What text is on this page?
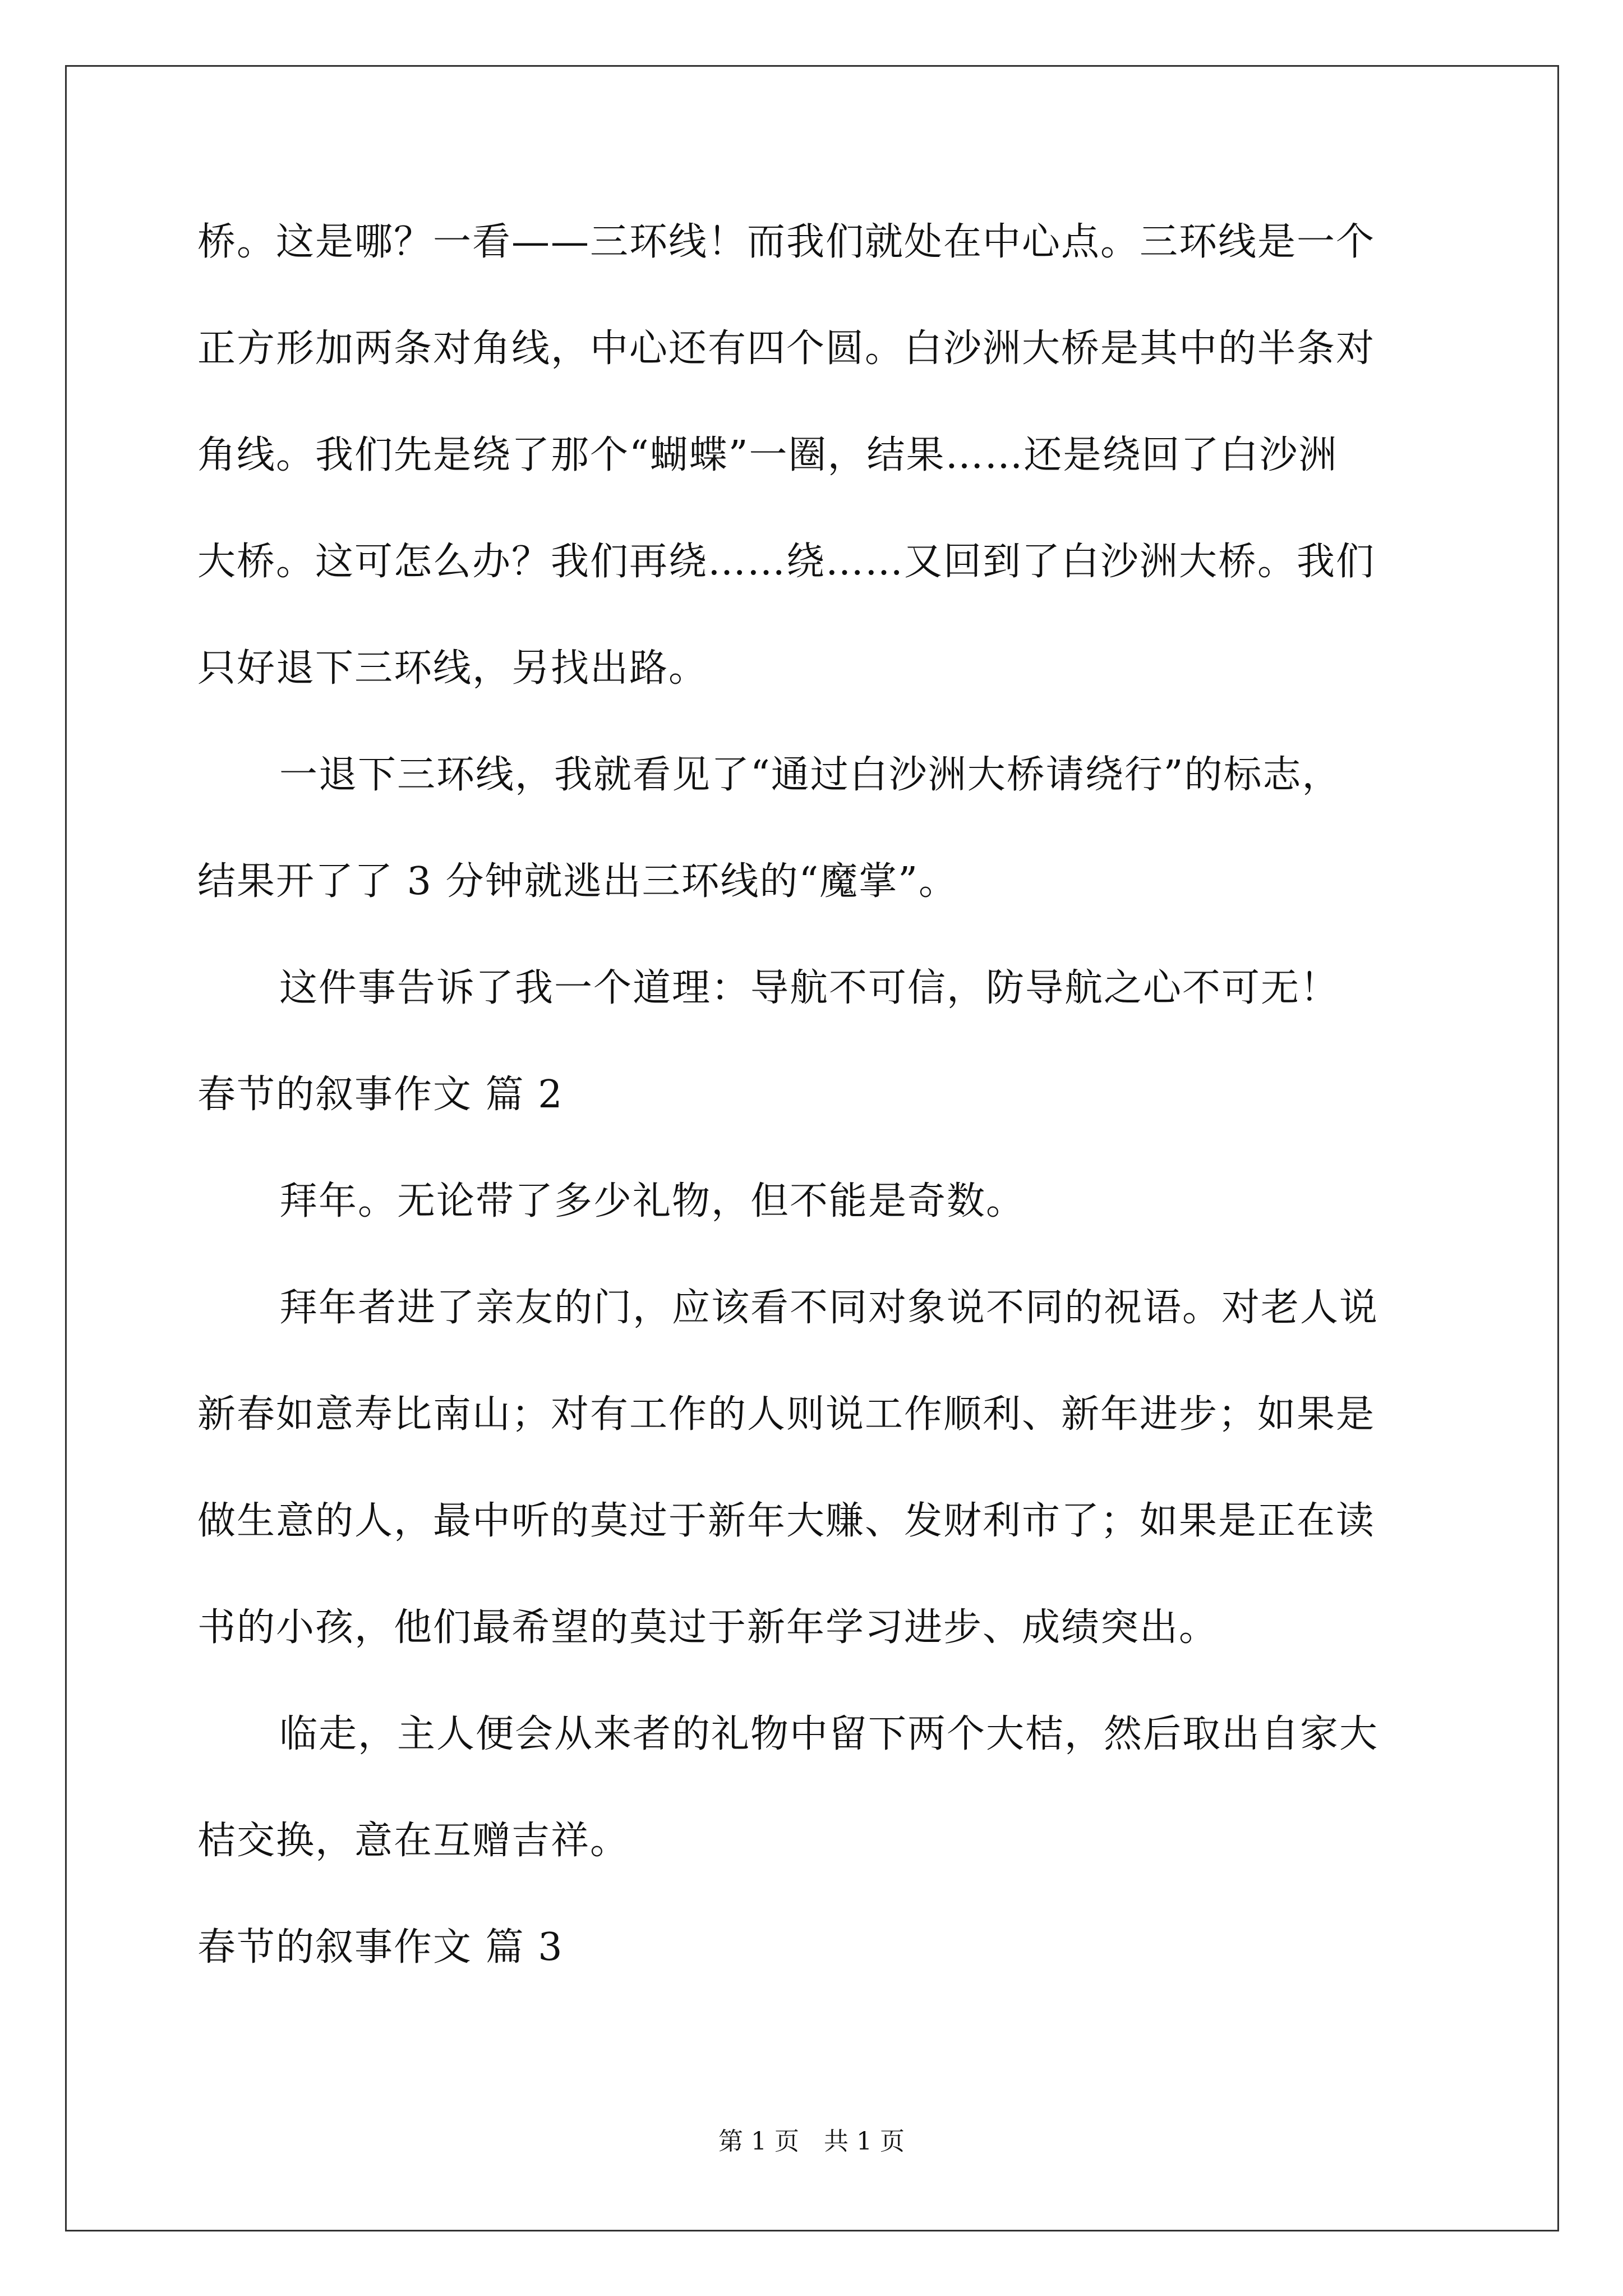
桥。这是哪？一看——三环线！而我们就处在中心点。三环线是一个
正方形加两条对角线，中心还有四个圆。白沙洲大桥是其中的半条对
角线。我们先是绕了那个“蝴蝶”一圈，结果……还是绕回了白沙洲
大桥。这可怎么办？我们再绕……绕……又回到了白沙洲大桥。我们
只好退下三环线，另找出路。
一退下三环线，我就看见了“通过白沙洲大桥请绕行”的标志，
结果开了了 3 分钟就逃出三环线的“魔掌”。
这件事告诉了我一个道理：导航不可信，防导航之心不可无！
春节的叙事作文 篇 2
拜年。无论带了多少礼物，但不能是奇数。
拜年者进了亲友的门，应该看不同对象说不同的祝语。对老人说
新春如意寿比南山；对有工作的人则说工作顺利、新年进步；如果是
做生意的人，最中听的莫过于新年大赚、发财利市了；如果是正在读
书的小孩，他们最希望的莫过于新年学习进步、成绩突出。
临走，主人便会从来者的礼物中留下两个大桔，然后取出自家大
桔交换，意在互赠吉祥。
春节的叙事作文 篇 3
第 1 页　共 1 页
